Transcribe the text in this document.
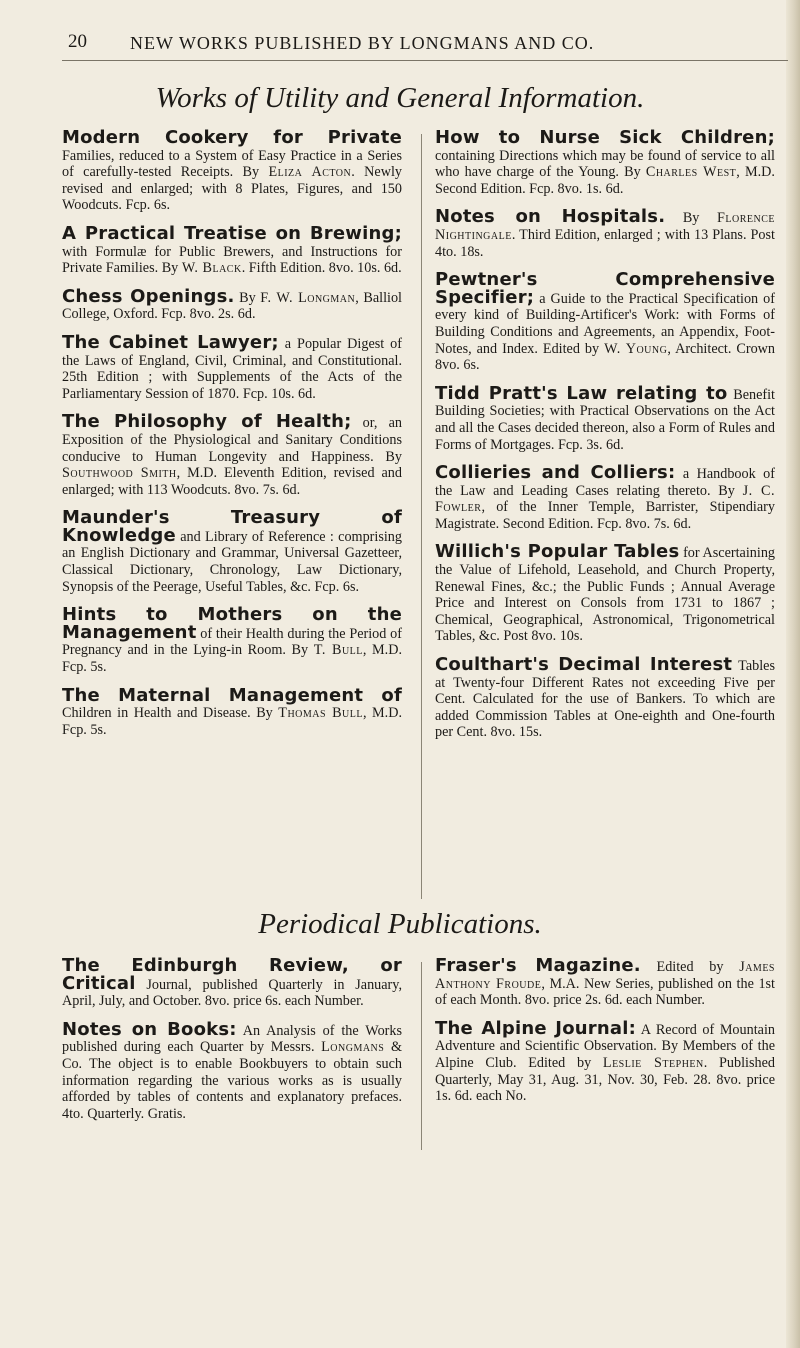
20 NEW WORKS PUBLISHED BY LONGMANS AND CO.
Works of Utility and General Information.

Modern Cookery for Private Families, reduced to a System of Easy Practice in a Series of carefully-tested Receipts. By Eliza Acton. Newly revised and enlarged; with 8 Plates, Figures, and 150 Woodcuts. Fcp. 6s.

A Practical Treatise on Brewing; with Formulæ for Public Brewers, and Instructions for Private Families. By W. Black. Fifth Edition. 8vo. 10s. 6d.

Chess Openings. By F. W. Longman, Balliol College, Oxford. Fcp. 8vo. 2s. 6d.

The Cabinet Lawyer; a Popular Digest of the Laws of England, Civil, Criminal, and Constitutional. 25th Edition ; with Supplements of the Acts of the Parliamentary Session of 1870. Fcp. 10s. 6d.

The Philosophy of Health; or, an Exposition of the Physiological and Sanitary Conditions conducive to Human Longevity and Happiness. By Southwood Smith, M.D. Eleventh Edition, revised and enlarged; with 113 Woodcuts. 8vo. 7s. 6d.

Maunder's Treasury of Knowledge and Library of Reference : comprising an English Dictionary and Grammar, Universal Gazetteer, Classical Dictionary, Chronology, Law Dictionary, Synopsis of the Peerage, Useful Tables, &c. Fcp. 6s.

Hints to Mothers on the Management of their Health during the Period of Pregnancy and in the Lying-in Room. By T. Bull, M.D. Fcp. 5s.

The Maternal Management of Children in Health and Disease. By Thomas Bull, M.D. Fcp. 5s.

How to Nurse Sick Children; containing Directions which may be found of service to all who have charge of the Young. By Charles West, M.D. Second Edition. Fcp. 8vo. 1s. 6d.

Notes on Hospitals. By Florence Nightingale. Third Edition, enlarged ; with 13 Plans. Post 4to. 18s.

Pewtner's Comprehensive Specifier; a Guide to the Practical Specification of every kind of Building-Artificer's Work: with Forms of Building Conditions and Agreements, an Appendix, Foot-Notes, and Index. Edited by W. Young, Architect. Crown 8vo. 6s.

Tidd Pratt's Law relating to Benefit Building Societies; with Practical Observations on the Act and all the Cases decided thereon, also a Form of Rules and Forms of Mortgages. Fcp. 3s. 6d.

Collieries and Colliers: a Handbook of the Law and Leading Cases relating thereto. By J. C. Fowler, of the Inner Temple, Barrister, Stipendiary Magistrate. Second Edition. Fcp. 8vo. 7s. 6d.

Willich's Popular Tables for Ascertaining the Value of Lifehold, Leasehold, and Church Property, Renewal Fines, &c.; the Public Funds ; Annual Average Price and Interest on Consols from 1731 to 1867 ; Chemical, Geographical, Astronomical, Trigonometrical Tables, &c. Post 8vo. 10s.

Coulthart's Decimal Interest Tables at Twenty-four Different Rates not exceeding Five per Cent. Calculated for the use of Bankers. To which are added Commission Tables at One-eighth and One-fourth per Cent. 8vo. 15s.

Periodical Publications.

The Edinburgh Review, or Critical Journal, published Quarterly in January, April, July, and October. 8vo. price 6s. each Number.

Notes on Books: An Analysis of the Works published during each Quarter by Messrs. Longmans & Co. The object is to enable Bookbuyers to obtain such information regarding the various works as is usually afforded by tables of contents and explanatory prefaces. 4to. Quarterly. Gratis.

Fraser's Magazine. Edited by James Anthony Froude, M.A. New Series, published on the 1st of each Month. 8vo. price 2s. 6d. each Number.

The Alpine Journal: A Record of Mountain Adventure and Scientific Observation. By Members of the Alpine Club. Edited by Leslie Stephen. Published Quarterly, May 31, Aug. 31, Nov. 30, Feb. 28. 8vo. price 1s. 6d. each No.
